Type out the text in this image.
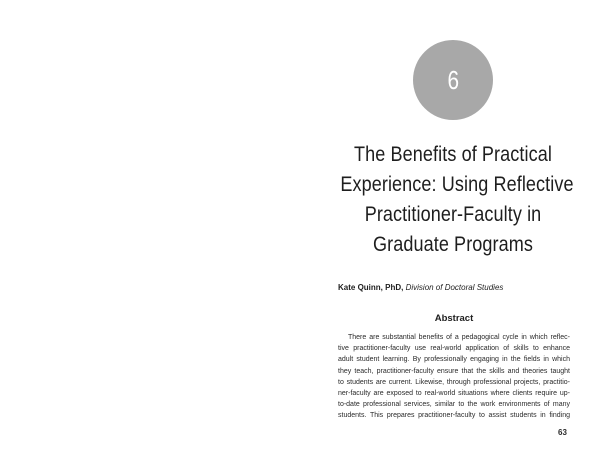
6
The Benefits of Practical
Experience: Using Reflective
Practitioner-Faculty in
Graduate Programs
Kate Quinn, PhD, Division of Doctoral Studies
Abstract
There are substantial benefits of a pedagogical cycle in which reflec-
tive practitioner-faculty use real-world application of skills to enhance
adult student learning. By professionally engaging in the fields in which
they teach, practitioner-faculty ensure that the skills and theories taught
to students are current. Likewise, through professional projects, practitio-
ner-faculty are exposed to real-world situations where clients require up-
to-date professional services, similar to the work environments of many
students. This prepares practitioner-faculty to assist students in finding
63
